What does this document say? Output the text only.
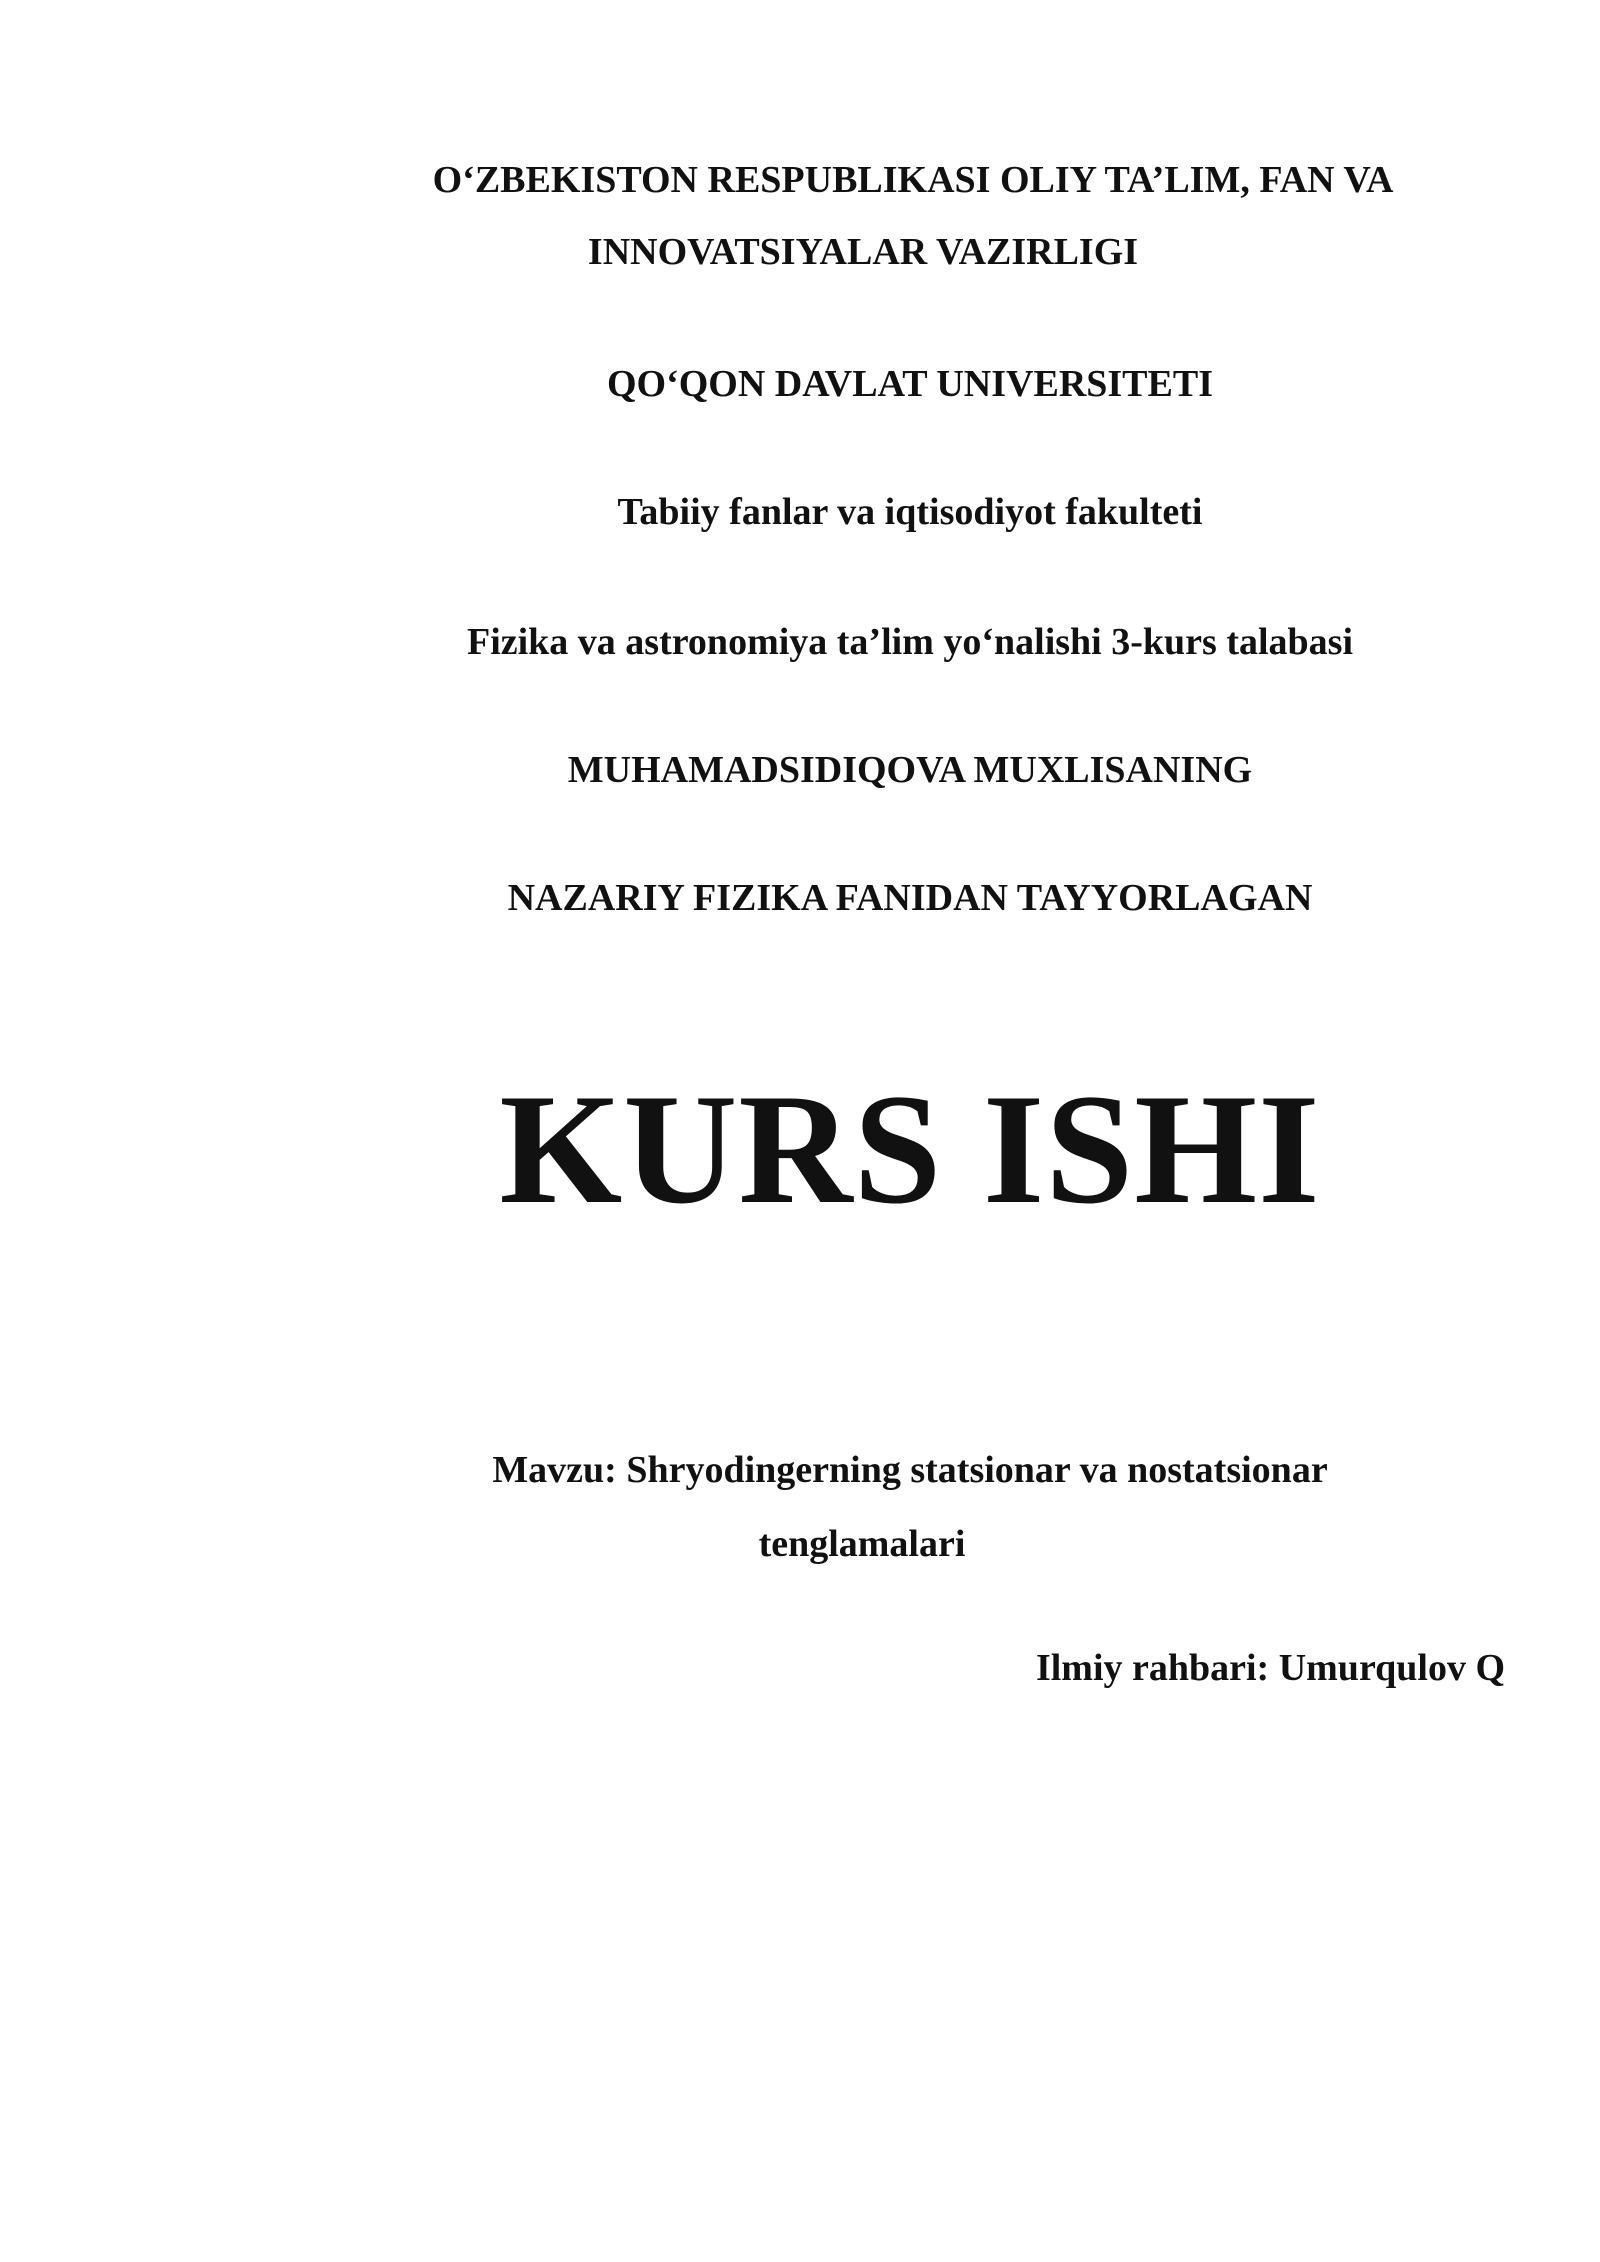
O‘ZBEKISTON RESPUBLIKASI OLIY TA’LIM, FAN VA
INNOVATSIYALAR VAZIRLIGI
QO‘QON DAVLAT UNIVERSITETI
Tabiiy fanlar va iqtisodiyot fakulteti
Fizika va astronomiya ta’lim yo‘nalishi 3-kurs talabasi
MUHAMADSIDIQOVA MUXLISANING
NAZARIY FIZIKA FANIDAN TAYYORLAGAN
KURS ISHI
Mavzu: Shryodingerning statsionar va nostatsionar
tenglamalari
Ilmiy rahbari: Umurqulov Q
